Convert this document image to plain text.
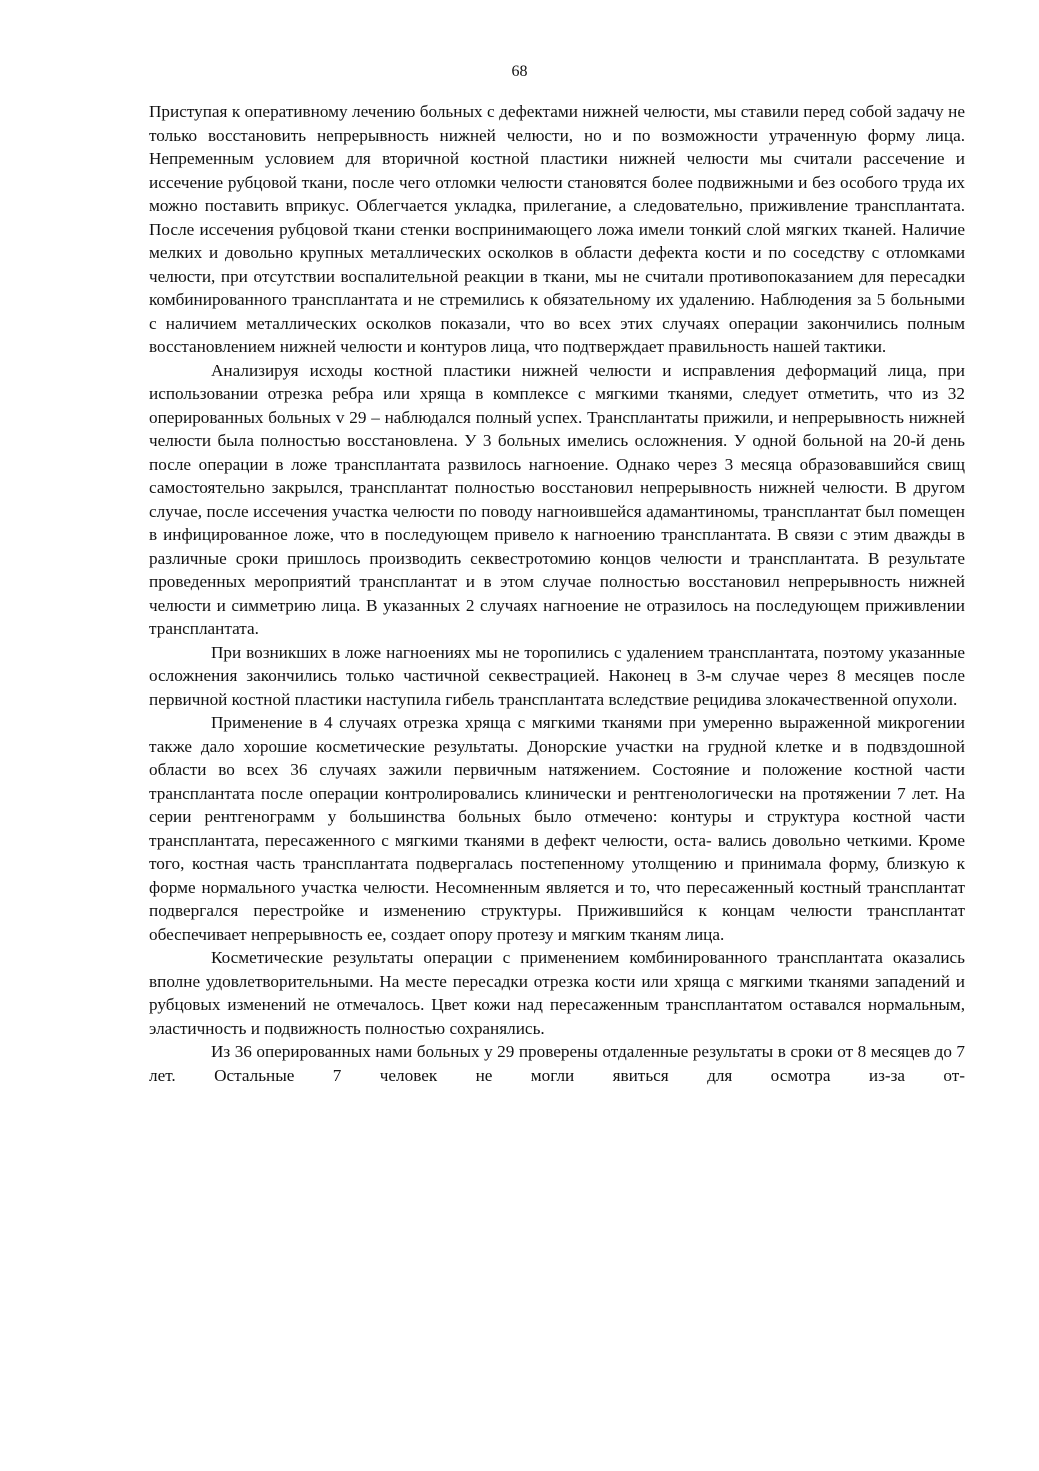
68

Приступая к оперативному лечению больных с дефектами нижней челюсти, мы ставили перед собой задачу не только восстановить непрерывность нижней челюсти, но и по возможности утраченную форму лица. Непременным условием для вторичной костной пластики нижней челюсти мы считали рассечение и иссечение рубцовой ткани, после чего отломки челюсти становятся более подвижными и без особого труда их можно поставить вприкус. Облегчается укладка, прилегание, а следовательно, приживление трансплантата. После иссечения рубцовой ткани стенки воспринимающего ложа имели тонкий слой мягких тканей. Наличие мелких и довольно крупных металлических осколков в области дефекта кости и по соседству с отломками челюсти, при отсутствии воспалительной реакции в ткани, мы не считали противопоказанием для пересадки комбинированного трансплантата и не стремились к обязательному их удалению. Наблюдения за 5 больными с наличием металлических осколков показали, что во всех этих случаях операции закончились полным восстановлением нижней челюсти и контуров лица, что подтверждает правильность нашей тактики.

Анализируя исходы костной пластики нижней челюсти и исправления деформаций лица, при использовании отрезка ребра или хряща в комплексе с мягкими тканями, следует отметить, что из 32 оперированных больных v 29 – наблюдался полный успех. Трансплантаты прижили, и непрерывность нижней челюсти была полностью восстановлена. У 3 больных имелись осложнения. У одной больной на 20-й день после операции в ложе трансплантата развилось нагноение. Однако через 3 месяца образовавшийся свищ самостоятельно закрылся, трансплантат полностью восстановил непрерывность нижней челюсти. В другом случае, после иссечения участка челюсти по поводу нагноившейся адамантиномы, трансплантат был помещен в инфицированное ложе, что в последующем привело к нагноению трансплантата. В связи с этим дважды в различные сроки пришлось производить секвестротомию концов челюсти и трансплантата. В результате проведенных мероприятий трансплантат и в этом случае полностью восстановил непрерывность нижней челюсти и симметрию лица. В указанных 2 случаях нагноение не отразилось на последующем приживлении трансплантата.

При возникших в ложе нагноениях мы не торопились с удалением трансплантата, поэтому указанные осложнения закончились только частичной секвестрацией. Наконец в 3-м случае через 8 месяцев после первичной костной пластики наступила гибель трансплантата вследствие рецидива злокачественной опухоли.

Применение в 4 случаях отрезка хряща с мягкими тканями при умеренно выраженной микрогении также дало хорошие косметические результаты. Донорские участки на грудной клетке и в подвздошной области во всех 36 случаях зажили первичным натяжением. Состояние и положение костной части трансплантата после операции контролировались клинически и рентгенологически на протяжении 7 лет. На серии рентгенограмм у большинства больных было отмечено: контуры и структура костной части трансплантата, пересаженного с мягкими тканями в дефект челюсти, оста- вались довольно четкими. Кроме того, костная часть трансплантата подвергалась постепенному утолщению и принимала форму, близкую к форме нормального участка челюсти. Несомненным является и то, что пересаженный костный трансплантат подвергался перестройке и изменению структуры. Прижившийся к концам челюсти трансплантат обеспечивает непрерывность ее, создает опору протезу и мягким тканям лица.

Косметические результаты операции с применением комбинированного трансплантата оказались вполне удовлетворительными. На месте пересадки отрезка кости или хряща с мягкими тканями западений и рубцовых изменений не отмечалось. Цвет кожи над пересаженным трансплантатом оставался нормальным, эластичность и подвижность полностью сохранялись.

Из 36 оперированных нами больных у 29 проверены отдаленные результаты в сроки от 8 месяцев до 7 лет. Остальные 7 человек не могли явиться для осмотра из-за от-
